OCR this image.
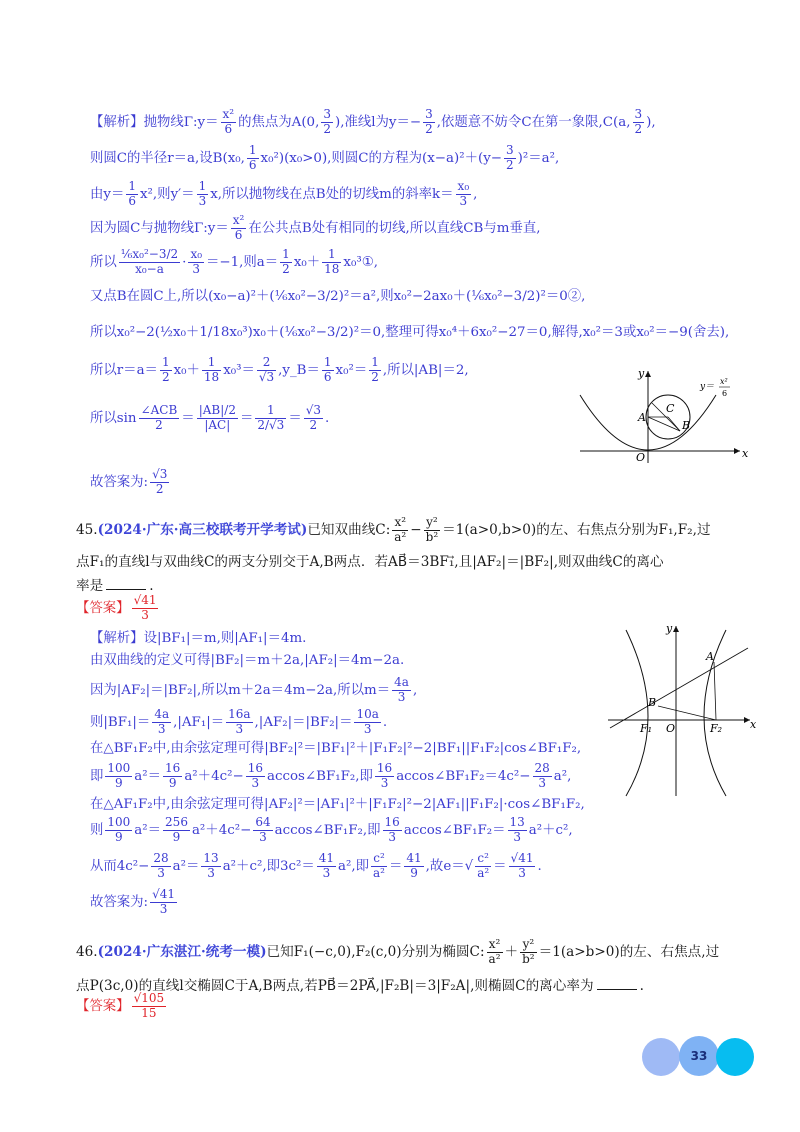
【解析】抛物线Γ:y＝ $\frac{\text{x²}}{6}$ 的焦点为A(0, $\frac{3}{2}$ ),准线l为$y=- \frac{3}{2}$ ,依题意不妨令C在第一象限,C(a, $\frac{3}{2}$ ),
则圆C的半径r＝a,设B(x₀, $\frac{1}{6} x_0^2)(x_0>0)$,则圆C的方程为$(x-a)^2+(y- \frac{3}{2} )^2=a^2$,
由$y= \frac{1}{6} x^2$,则$y'= \frac{1}{3} x$,所以抛物线在点B处的切线m的斜率$k= \frac{\text{x₀}}{3}$ ,
因为圆C与抛物线Γ:y＝ $\frac{\text{x²}}{6}$ 在公共点B处有相同的切线,所以直线CB与m垂直,
所以 $\frac{\text{⅙x₀²−3/2}}{\text{x₀−a}} \cdot \frac{\text{x₀}}{3} =-1$,则$a= \frac{1}{2} x_0+ \frac{1}{18}$ x₀³①,
又点B在圆C上,所以(x₀−a)²＋(⅙x₀²−3/2)²＝a²,则x₀²−2ax₀＋(⅙x₀²−3/2)²＝0②,
所以x₀²−2(½x₀＋1/18x₀³)x₀＋(⅙x₀²−3/2)²＝0,整理可得x₀⁴＋6x₀²−27＝0,解得,x₀²＝3或x₀²＝−9(舍去),
所以$r=a= \frac{1}{2} x_0+ \frac{1}{18} x_0^3= \frac{2}{√3}$ ,y_B＝ $\frac{1}{6} x_0^2= \frac{1}{2}$ ,所以|AB|＝2,
所以$\sin \frac{\text{∠ACB}}{2} = \frac{|AB|/2}{|AC|} = \frac{1}{2/√3} = \frac{√3}{2}$ .
故答案为: $\frac{√3}{2}$
A
C
B
O	x
y
y＝
x²
6
45.(2024·广东·高三校联考开学考试)已知双曲线C: $\frac{\text{x²}}{\text{a²}} - \frac{\text{y²}}{\text{b²}} =1(a>0,b>0)$的左、右焦点分别为F₁,F₂,过
点F₁的直线l与双曲线C的两支分别交于A,B两点．若AB⃗＝3BF₁⃗,且|AF₂|＝|BF₂|,则双曲线C的离心
率是	.
【答案】 $\frac{√41}{3}$
【解析】设|BF₁|＝m,则|AF₁|＝4m.
由双曲线的定义可得|BF₂|＝m＋2a,|AF₂|＝4m−2a.
因为|AF₂|＝|BF₂|,所以m＋2a＝4m−2a,所以$m= \frac{4a}{3}$ ,
则$|BF_1|= \frac{4a}{3} ,|AF_1|= \frac{16a}{3} ,|AF_2|=|BF_2|= \frac{10a}{3}$ .
在△BF₁F₂中,由余弦定理可得|BF₂|²＝|BF₁|²＋|F₁F₂|²−2|BF₁||F₁F₂|cos∠BF₁F₂,
即 $\frac{100}{9} a^2= \frac{16}{9} a^2+4c^2- \frac{16}{3}$ accos∠BF₁F₂,即 $\frac{16}{3}$ accos∠BF₁F₂＝4c²− $\frac{28}{3} a^2$,
在△AF₁F₂中,由余弦定理可得|AF₂|²＝|AF₁|²＋|F₁F₂|²−2|AF₁||F₁F₂|·cos∠BF₁F₂,
则 $\frac{100}{9} a^2= \frac{256}{9} a^2+4c^2- \frac{64}{3}$ accos∠BF₁F₂,即 $\frac{16}{3}$ accos∠BF₁F₂＝ $\frac{13}{3} a^2+c^2$,
从而$4c^2- \frac{28}{3} a^2= \frac{13}{3} a^2+c^2$,即$3c^2= \frac{41}{3} a^2$,即 $\frac{\text{c²}}{\text{a²}} = \frac{41}{9}$ ,故$e=√ \frac{\text{c²}}{\text{a²}} = \frac{√41}{3}$ .
故答案为: $\frac{√41}{3}$
A
B
F₁ O	F₂	x
y
46.(2024·广东湛江·统考一模)已知F₁(−c,0),F₂(c,0)分别为椭圆C: $\frac{\text{x²}}{\text{a²}} + \frac{\text{y²}}{\text{b²}} =1(a>b>0)$的左、右焦点,过
点P(3c,0)的直线l交椭圆C于A,B两点,若PB⃗＝2PA⃗,|F₂B|＝3|F₂A|,则椭圆C的离心率为	.
【答案】 $\frac{√105}{15}$
33
